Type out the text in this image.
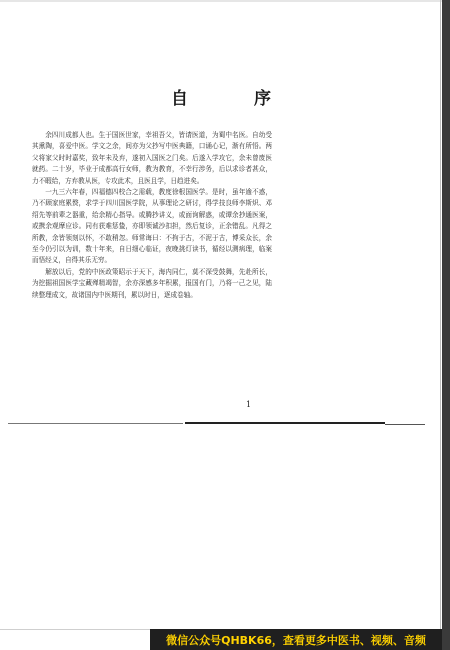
自 序

余四川成都人也。生于国医世家，幸祖吾父，皆请医道，为蜀中名医。自幼受其熏陶，喜爱中医。学文之余，间亦为父抄写中医典籍，口诵心记，渐有所悟。两父将家父时时嘉奖，致年未及弃，遂初入国医之门矣。后遂入学攻它，余未曾废医就药。二十岁，毕业于成都高行女师，教为教育，不幸行涉务，后以求诊者甚众，力不暇给，方弃教从医，专攻此术，且医且学，日趋进矣。

一九三六年春，四福德四校合之需载，教度徐根国医学。是时，虽年逾不惑，乃不顾家庭累赘，求学于四川国医学院，从事理论之研讨，得学技良师李斯炽、邓绍先等前辈之器重，给余精心指导。或腾抄讲义，或面询解惑，或谭余抄通医案，或携余观摩应诊。同有获难惩蛰，亦即领诚沙扣担，然后复诊，正余错乱。凡得之所教，余皆领刻以怀，不敢稍忽。师常诲曰：不拘于古，不泥于古，博采众长，余至今仍引以为训，数十年来，自日细心临证，夜晚挑灯读书，循经以测病理，临案而悟经义，自得其乐无穷。

解放以后，党的中医政策昭示于天下，海内同仁，莫不深受鼓舞，先赴所长，为挖掘祖国医学宝藏殚精竭智，余亦深感多年积累，报国有门，乃将一己之见，陆续整理成文，故诸国内中医期刊，累以时日，逐成卷轴。

1
微信公众号QHBK66，查看更多中医书、视频、音频
